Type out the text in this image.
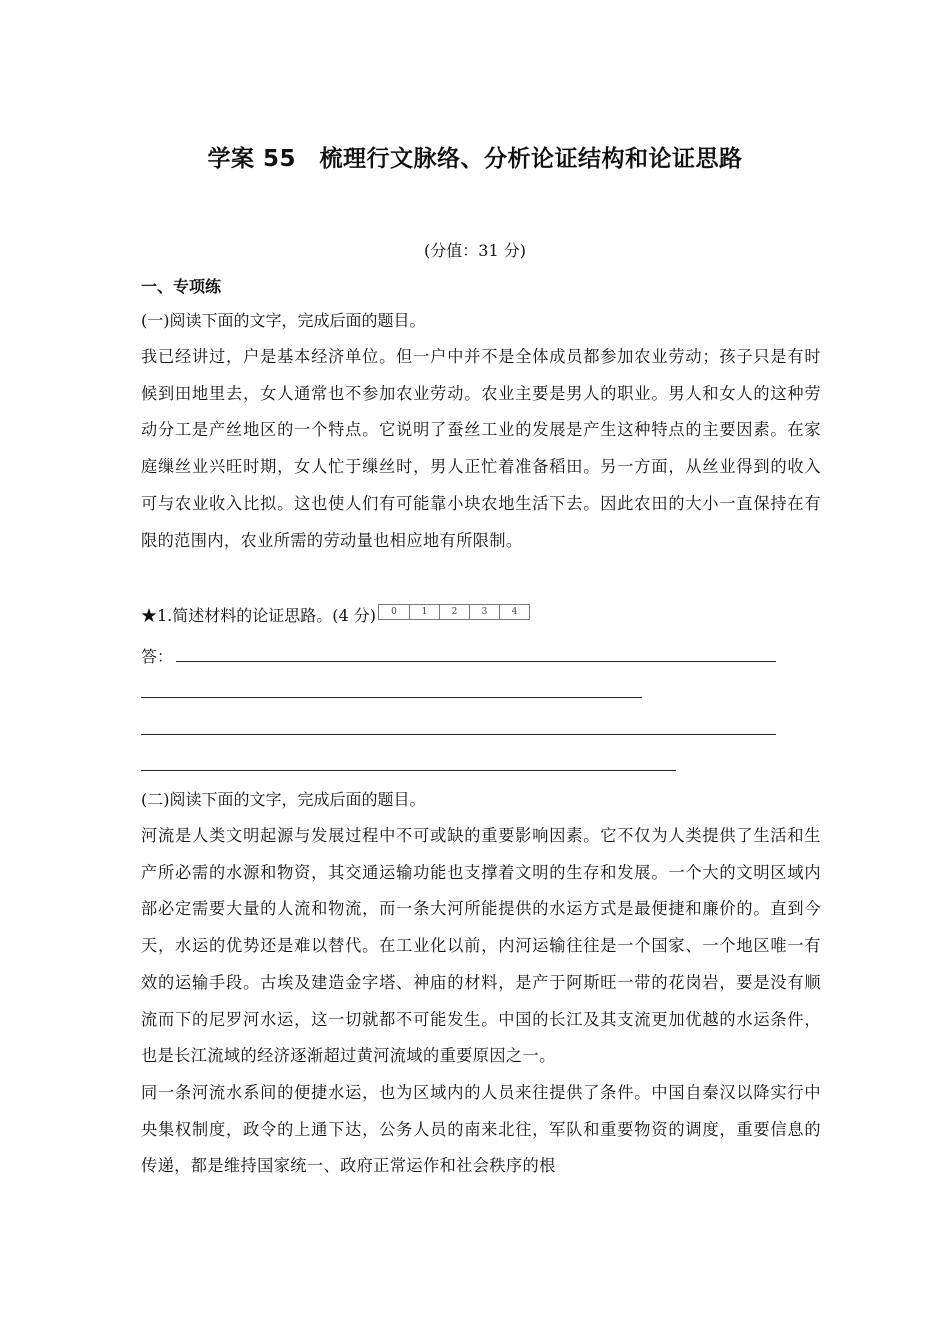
学案 55　梳理行文脉络、分析论证结构和论证思路
(分值：31 分)
一、专项练
(一)阅读下面的文字，完成后面的题目。

我已经讲过，户是基本经济单位。但一户中并不是全体成员都参加农业劳动；孩子只是有时候到田地里去，女人通常也不参加农业劳动。农业主要是男人的职业。男人和女人的这种劳动分工是产丝地区的一个特点。它说明了蚕丝工业的发展是产生这种特点的主要因素。在家庭缫丝业兴旺时期，女人忙于缫丝时，男人正忙着准备稻田。另一方面，从丝业得到的收入可与农业收入比拟。这也使人们有可能靠小块农地生活下去。因此农田的大小一直保持在有限的范围内，农业所需的劳动量也相应地有所限制。

★1.简述材料的论证思路。(4 分)	0	1	2	3	4
答：
(二)阅读下面的文字，完成后面的题目。

河流是人类文明起源与发展过程中不可或缺的重要影响因素。它不仅为人类提供了生活和生产所必需的水源和物资，其交通运输功能也支撑着文明的生存和发展。一个大的文明区域内部必定需要大量的人流和物流，而一条大河所能提供的水运方式是最便捷和廉价的。直到今天，水运的优势还是难以替代。在工业化以前，内河运输往往是一个国家、一个地区唯一有效的运输手段。古埃及建造金字塔、神庙的材料，是产于阿斯旺一带的花岗岩，要是没有顺流而下的尼罗河水运，这一切就都不可能发生。中国的长江及其支流更加优越的水运条件，也是长江流域的经济逐渐超过黄河流域的重要原因之一。

同一条河流水系间的便捷水运，也为区域内的人员来往提供了条件。中国自秦汉以降实行中央集权制度，政令的上通下达，公务人员的南来北往，军队和重要物资的调度，重要信息的传递，都是维持国家统一、政府正常运作和社会秩序的根
